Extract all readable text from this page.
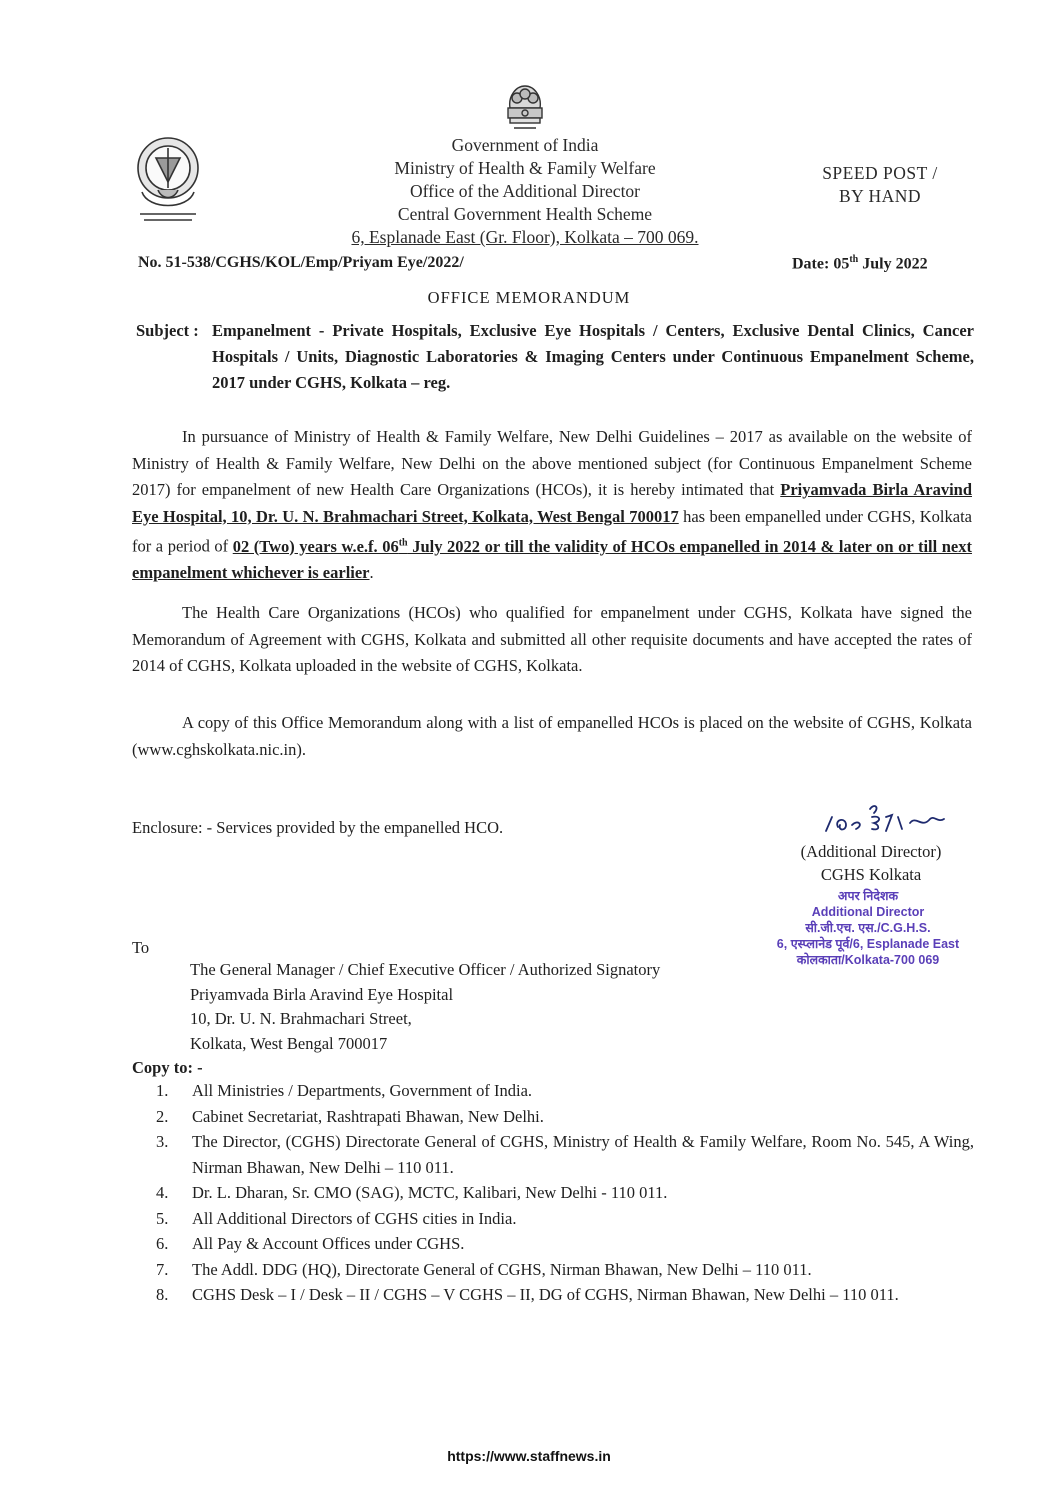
Government of India
Ministry of Health & Family Welfare
Office of the Additional Director
Central Government Health Scheme
6, Esplanade East (Gr. Floor), Kolkata – 700 069.
SPEED POST /
BY HAND
No. 51-538/CGHS/KOL/Emp/Priyam Eye/2022/	Date: 05th July 2022
OFFICE MEMORANDUM
Subject : Empanelment - Private Hospitals, Exclusive Eye Hospitals / Centers, Exclusive Dental Clinics, Cancer Hospitals / Units, Diagnostic Laboratories & Imaging Centers under Continuous Empanelment Scheme, 2017 under CGHS, Kolkata – reg.
In pursuance of Ministry of Health & Family Welfare, New Delhi Guidelines – 2017 as available on the website of Ministry of Health & Family Welfare, New Delhi on the above mentioned subject (for Continuous Empanelment Scheme 2017) for empanelment of new Health Care Organizations (HCOs), it is hereby intimated that Priyamvada Birla Aravind Eye Hospital, 10, Dr. U. N. Brahmachari Street, Kolkata, West Bengal 700017 has been empanelled under CGHS, Kolkata for a period of 02 (Two) years w.e.f. 06th July 2022 or till the validity of HCOs empanelled in 2014 & later on or till next empanelment whichever is earlier.
The Health Care Organizations (HCOs) who qualified for empanelment under CGHS, Kolkata have signed the Memorandum of Agreement with CGHS, Kolkata and submitted all other requisite documents and have accepted the rates of 2014 of CGHS, Kolkata uploaded in the website of CGHS, Kolkata.
A copy of this Office Memorandum along with a list of empanelled HCOs is placed on the website of CGHS, Kolkata (www.cghskolkata.nic.in).
Enclosure: - Services provided by the empanelled HCO.
(Additional Director)
CGHS Kolkata
अपर निदेशक
Additional Director
सी.जी.एच. एस./C.G.H.S.
6, एस्प्लानेड पूर्व/6, Esplanade East
कोलकाता/Kolkata-700 069
To
The General Manager / Chief Executive Officer / Authorized Signatory
Priyamvada Birla Aravind Eye Hospital
10, Dr. U. N. Brahmachari Street,
Kolkata, West Bengal 700017
Copy to: -
1.	All Ministries / Departments, Government of India.
2.	Cabinet Secretariat, Rashtrapati Bhawan, New Delhi.
3.	The Director, (CGHS) Directorate General of CGHS, Ministry of Health & Family Welfare, Room No. 545, A Wing, Nirman Bhawan, New Delhi – 110 011.
4.	Dr. L. Dharan, Sr. CMO (SAG), MCTC, Kalibari, New Delhi - 110 011.
5.	All Additional Directors of CGHS cities in India.
6.	All Pay & Account Offices under CGHS.
7.	The Addl. DDG (HQ), Directorate General of CGHS, Nirman Bhawan, New Delhi – 110 011.
8.	CGHS Desk – I / Desk – II / CGHS – V CGHS – II, DG of CGHS, Nirman Bhawan, New Delhi – 110 011.
https://www.staffnews.in
